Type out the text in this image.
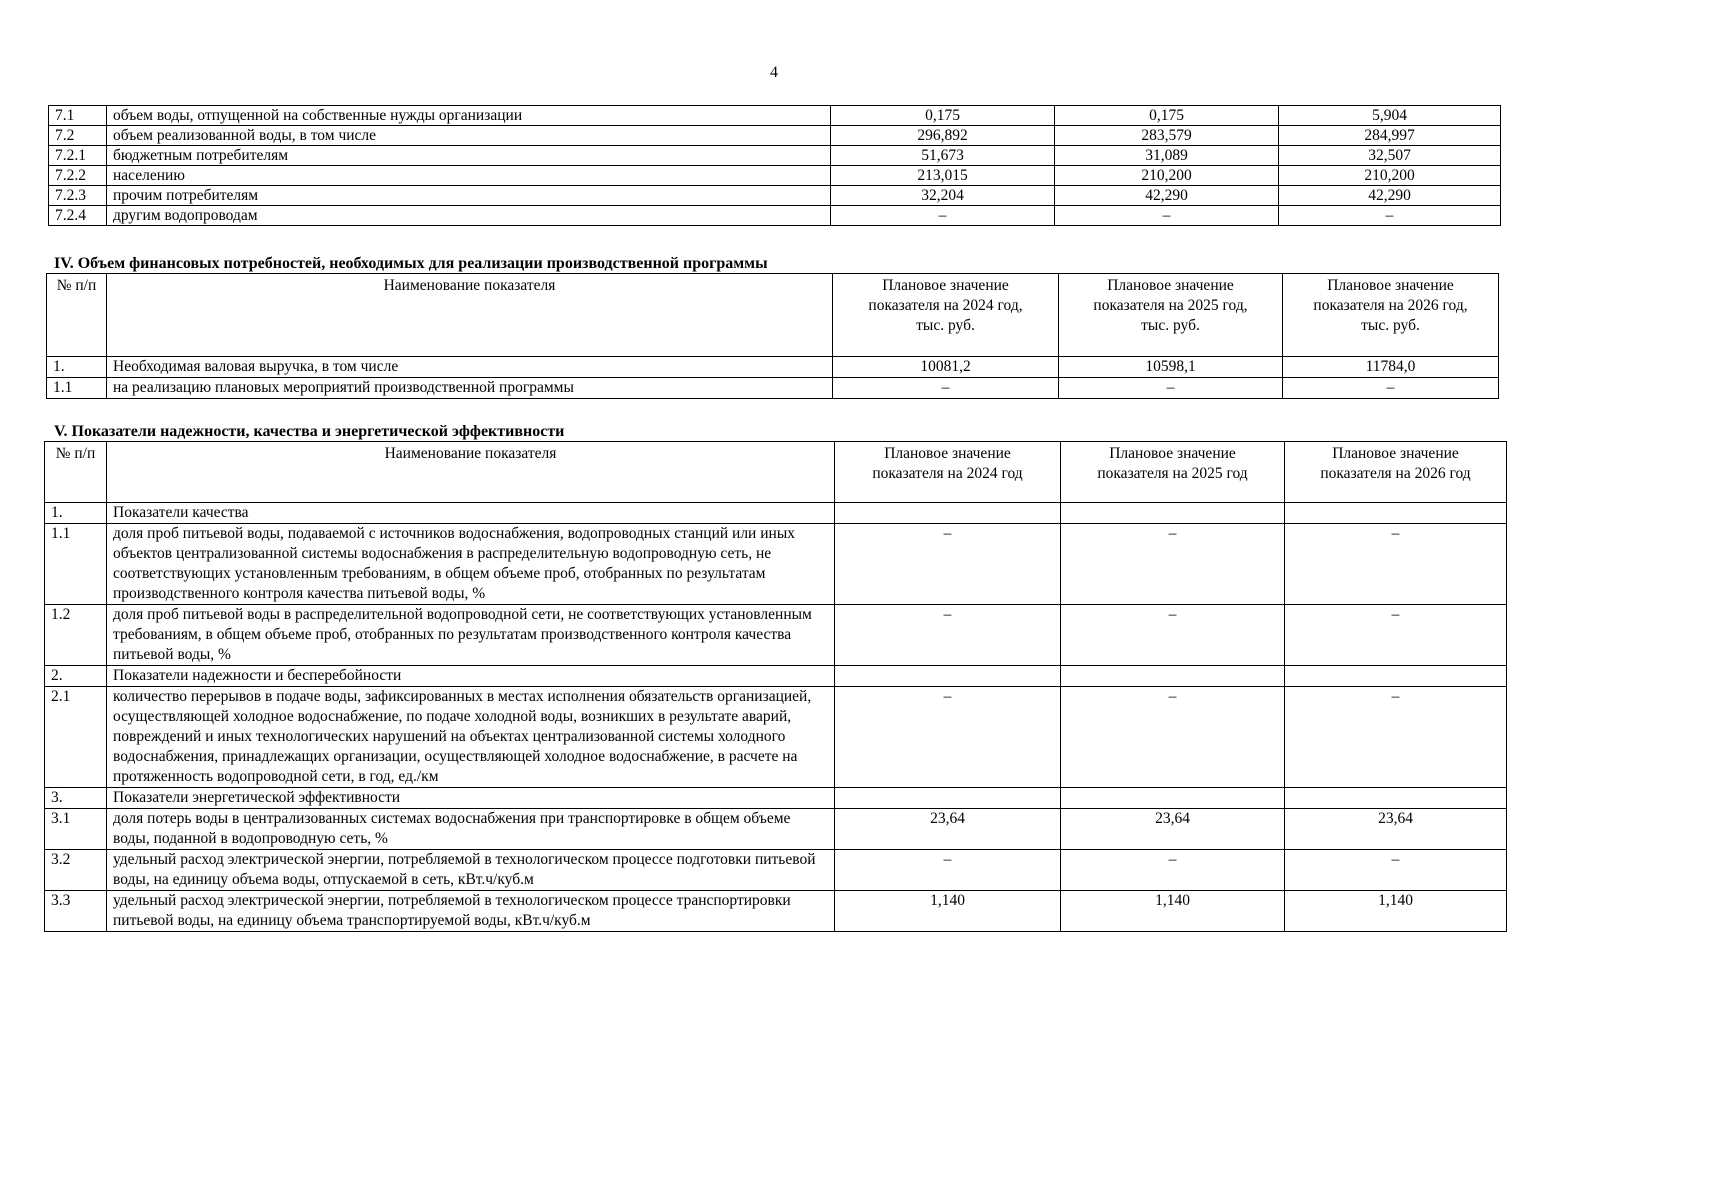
4
7.1	объем воды, отпущенной на собственные нужды организации	0,175	0,175	5,904
7.2	объем реализованной воды, в том числе	296,892	283,579	284,997
7.2.1	бюджетным потребителям	51,673	31,089	32,507
7.2.2	населению	213,015	210,200	210,200
7.2.3	прочим потребителям	32,204	42,290	42,290
7.2.4	другим водопроводам	–	–	–
IV. Объем финансовых потребностей, необходимых для реализации производственной программы
№ п/п	Наименование показателя	Плановое значение показателя на 2024 год, тыс. руб.	Плановое значение показателя на 2025 год, тыс. руб.	Плановое значение показателя на 2026 год, тыс. руб.
1.	Необходимая валовая выручка, в том числе	10081,2	10598,1	11784,0
1.1	на реализацию плановых мероприятий производственной программы	–	–	–
V. Показатели надежности, качества и энергетической эффективности
№ п/п	Наименование показателя	Плановое значение показателя на 2024 год	Плановое значение показателя на 2025 год	Плановое значение показателя на 2026 год
1.	Показатели качества			
1.1	доля проб питьевой воды, подаваемой с источников водоснабжения, водопроводных станций или иных объектов централизованной системы водоснабжения в распределительную водопроводную сеть, не соответствующих установленным требованиям, в общем объеме проб, отобранных по результатам производственного контроля качества питьевой воды, %	–	–	–
1.2	доля проб питьевой воды в распределительной водопроводной сети, не соответствующих установленным требованиям, в общем объеме проб, отобранных по результатам производственного контроля качества питьевой воды, %	–	–	–
2.	Показатели надежности и бесперебойности			
2.1	количество перерывов в подаче воды, зафиксированных в местах исполнения обязательств организацией, осуществляющей холодное водоснабжение, по подаче холодной воды, возникших в результате аварий, повреждений и иных технологических нарушений на объектах централизованной системы холодного водоснабжения, принадлежащих организации, осуществляющей холодное водоснабжение, в расчете на протяженность водопроводной сети, в год, ед./км	–	–	–
3.	Показатели энергетической эффективности			
3.1	доля потерь воды в централизованных системах водоснабжения при транспортировке в общем объеме воды, поданной в водопроводную сеть, %	23,64	23,64	23,64
3.2	удельный расход электрической энергии, потребляемой в технологическом процессе подготовки питьевой воды, на единицу объема воды, отпускаемой в сеть, кВт.ч/куб.м	–	–	–
3.3	удельный расход электрической энергии, потребляемой в технологическом процессе транспортировки питьевой воды, на единицу объема транспортируемой воды, кВт.ч/куб.м	1,140	1,140	1,140
